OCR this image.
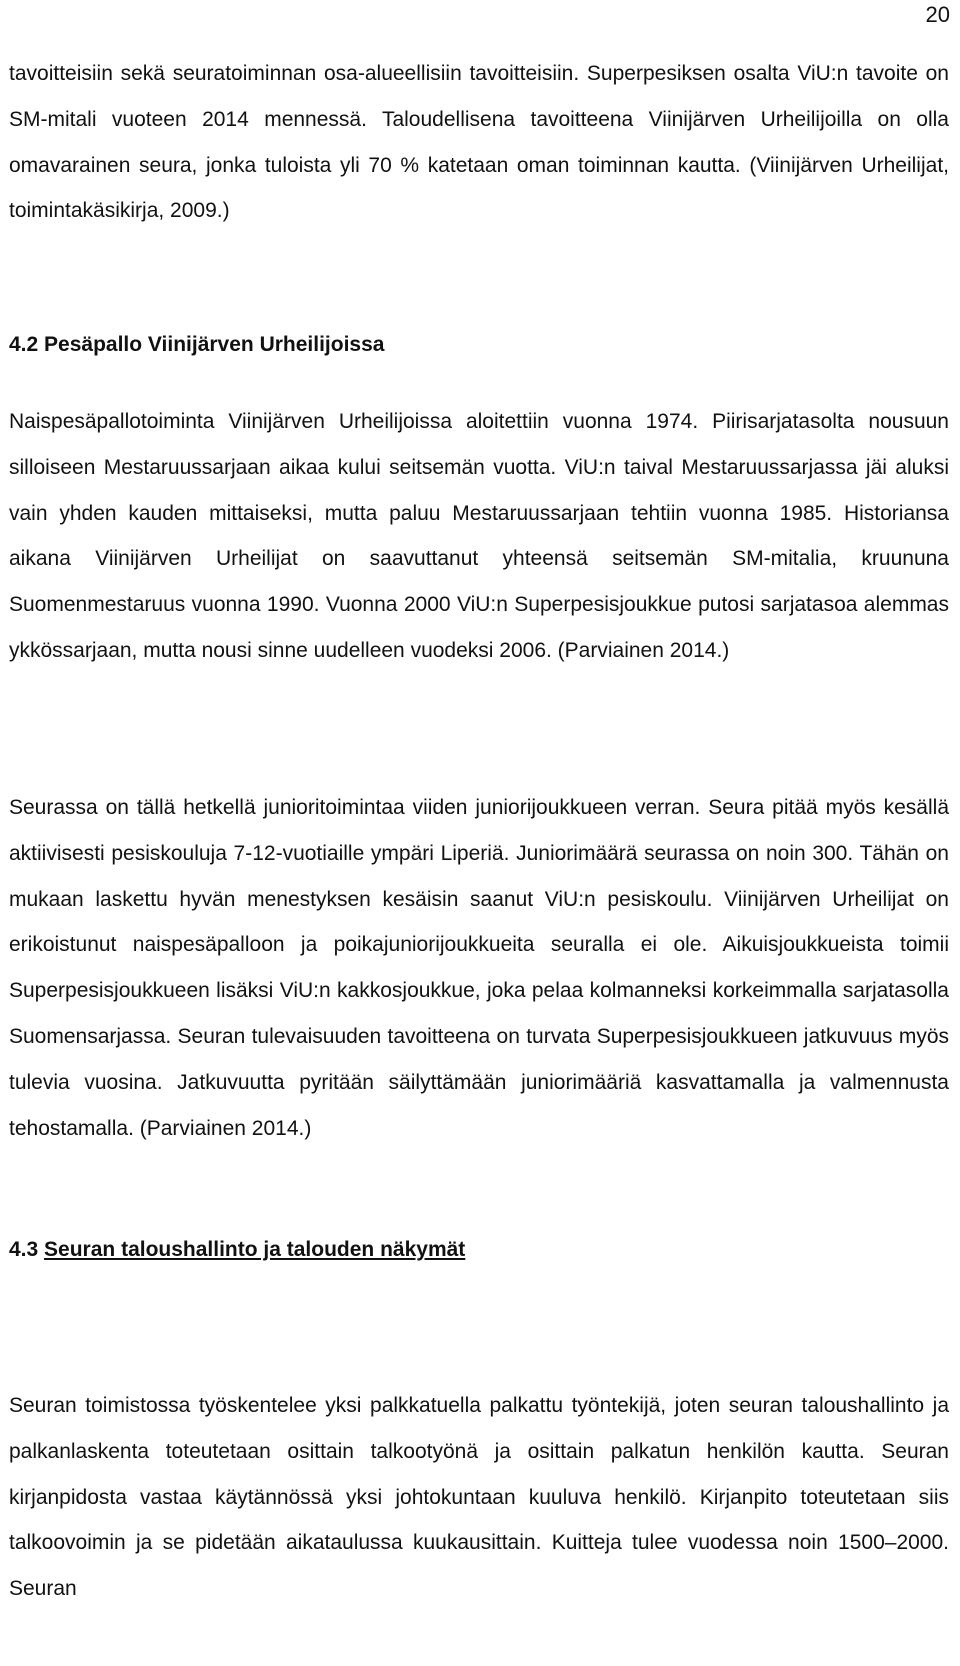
20

tavoitteisiin sekä seuratoiminnan osa-alueellisiin tavoitteisiin. Superpesiksen osalta ViU:n tavoite on SM-mitali vuoteen 2014 mennessä. Taloudellisena tavoitteena Viinijärven Urheilijoilla on olla omavarainen seura, jonka tuloista yli 70 % katetaan oman toiminnan kautta. (Viinijärven Urheilijat, toimintakäsikirja, 2009.)

4.2 Pesäpallo Viinijärven Urheilijoissa

Naispesäpallotoiminta Viinijärven Urheilijoissa aloitettiin vuonna 1974. Piirisarjatasolta nousuun silloiseen Mestaruussarjaan aikaa kului seitsemän vuotta. ViU:n taival Mestaruussarjassa jäi aluksi vain yhden kauden mittaiseksi, mutta paluu Mestaruussarjaan tehtiin vuonna 1985. Historiansa aikana Viinijärven Urheilijat on saavuttanut yhteensä seitsemän SM-mitalia, kruununa Suomenmestaruus vuonna 1990. Vuonna 2000 ViU:n Superpesisjoukkue putosi sarjatasoa alemmas ykkössarjaan, mutta nousi sinne uudelleen vuodeksi 2006. (Parviainen 2014.)

Seurassa on tällä hetkellä junioritoimintaa viiden juniorijoukkueen verran. Seura pitää myös kesällä aktiivisesti pesiskouluja 7-12-vuotiaille ympäri Liperiä. Juniorimäärä seurassa on noin 300. Tähän on mukaan laskettu hyvän menestyksen kesäisin saanut ViU:n pesiskoulu. Viinijärven Urheilijat on erikoistunut naispesäpalloon ja poikajuniorijoukkueita seuralla ei ole. Aikuisjoukkueista toimii Superpesisjoukkueen lisäksi ViU:n kakkosjoukkue, joka pelaa kolmanneksi korkeimmalla sarjatasolla Suomensarjassa. Seuran tulevaisuuden tavoitteena on turvata Superpesisjoukkueen jatkuvuus myös tulevia vuosina. Jatkuvuutta pyritään säilyttämään juniorimääriä kasvattamalla ja valmennusta tehostamalla. (Parviainen 2014.)

4.3 Seuran taloushallinto ja talouden näkymät

Seuran toimistossa työskentelee yksi palkkatuella palkattu työntekijä, joten seuran taloushallinto ja palkanlaskenta toteutetaan osittain talkootyönä ja osittain palkatun henkilön kautta. Seuran kirjanpidosta vastaa käytännössä yksi johtokuntaan kuuluva henkilö. Kirjanpito toteutetaan siis talkoovoimin ja se pidetään aikataulussa kuukausittain. Kuitteja tulee vuodessa noin 1500–2000. Seuran
